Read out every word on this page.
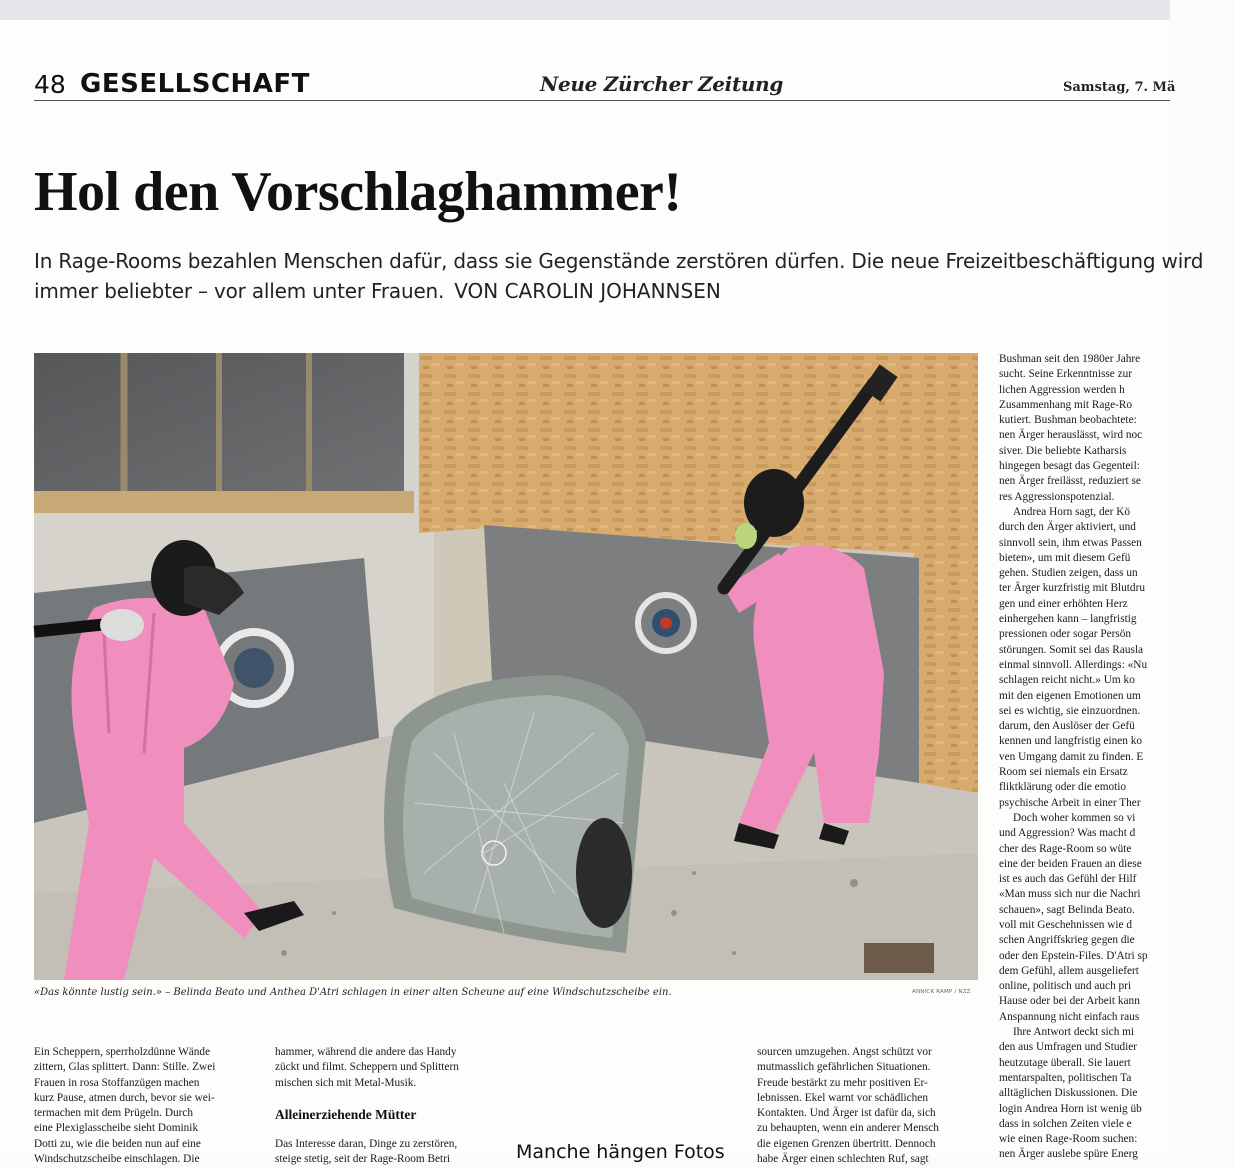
48 GESELLSCHAFT	Neue Zürcher Zeitung	Samstag, 7. Mä
Hol den Vorschlaghammer!
In Rage-Rooms bezahlen Menschen dafür, dass sie Gegenstände zerstören dürfen. Die neue Freizeitbeschäftigung wird immer beliebter – vor allem unter Frauen. VON CAROLIN JOHANNSEN
«Das könnte lustig sein.» – Belinda Beato und Anthea D'Atri schlagen in einer alten Scheune auf eine Windschutzscheibe ein.	ANNICK RAMP / NZZ

Bushman seit den 1980er Jahre

sucht. Seine Erkenntnisse zur

lichen Aggression werden h

Zusammenhang mit Rage-Ro

kutiert. Bushman beobachtete:

nen Ärger herauslässt, wird noc

siver. Die beliebte Katharsis

hingegen besagt das Gegenteil:

nen Ärger freilässt, reduziert se

res Aggressionspotenzial.

Andrea Horn sagt, der Kö

durch den Ärger aktiviert, und

sinnvoll sein, ihm etwas Passen

bieten», um mit diesem Gefü

gehen. Studien zeigen, dass un

ter Ärger kurzfristig mit Blutdru

gen und einer erhöhten Herz

einhergehen kann – langfristig

pressionen oder sogar Persön

störungen. Somit sei das Rausla

einmal sinnvoll. Allerdings: «Nu

schlagen reicht nicht.» Um ko

mit den eigenen Emotionen um

sei es wichtig, sie einzuordnen.

darum, den Auslöser der Gefü

kennen und langfristig einen ko

ven Umgang damit zu finden. E

Room sei niemals ein Ersatz

fliktklärung oder die emotio

psychische Arbeit in einer Ther

Doch woher kommen so vi

und Aggression? Was macht d

cher des Rage-Room so wüte

eine der beiden Frauen an diese

ist es auch das Gefühl der Hilf

«Man muss sich nur die Nachri

schauen», sagt Belinda Beato.

voll mit Geschehnissen wie d

schen Angriffskrieg gegen die

oder den Epstein-Files. D'Atri sp

dem Gefühl, allem ausgeliefert

online, politisch und auch pri

Hause oder bei der Arbeit kann

Anspannung nicht einfach raus

Ihre Antwort deckt sich mi

den aus Umfragen und Studier

heutzutage überall. Sie lauert

mentarspalten, politischen Ta

alltäglichen Diskussionen. Die

login Andrea Horn ist wenig üb

dass in solchen Zeiten viele e

wie einen Rage-Room suchen:

nen Ärger auslebe spüre Energ

Ein Scheppern, sperrholzdünne Wände

zittern, Glas splittert. Dann: Stille. Zwei

Frauen in rosa Stoffanzügen machen

kurz Pause, atmen durch, bevor sie wei-

termachen mit dem Prügeln. Durch

eine Plexiglasscheibe sieht Dominik

Dotti zu, wie die beiden nun auf eine

Windschutzscheibe einschlagen. Die

hammer, während die andere das Handy

zückt und filmt. Scheppern und Splittern

mischen sich mit Metal-Musik.

Alleinerziehende Mütter
Das Interesse daran, Dinge zu zerstören,
steige stetig, seit der Rage-Room Betri	Manche hängen Fotos

sourcen umzugehen. Angst schützt vor

mutmasslich gefährlichen Situationen.

Freude bestärkt zu mehr positiven Er-

lebnissen. Ekel warnt vor schädlichen

Kontakten. Und Ärger ist dafür da, sich

zu behaupten, wenn ein anderer Mensch

die eigenen Grenzen übertritt. Dennoch

habe Ärger einen schlechten Ruf, sagt
